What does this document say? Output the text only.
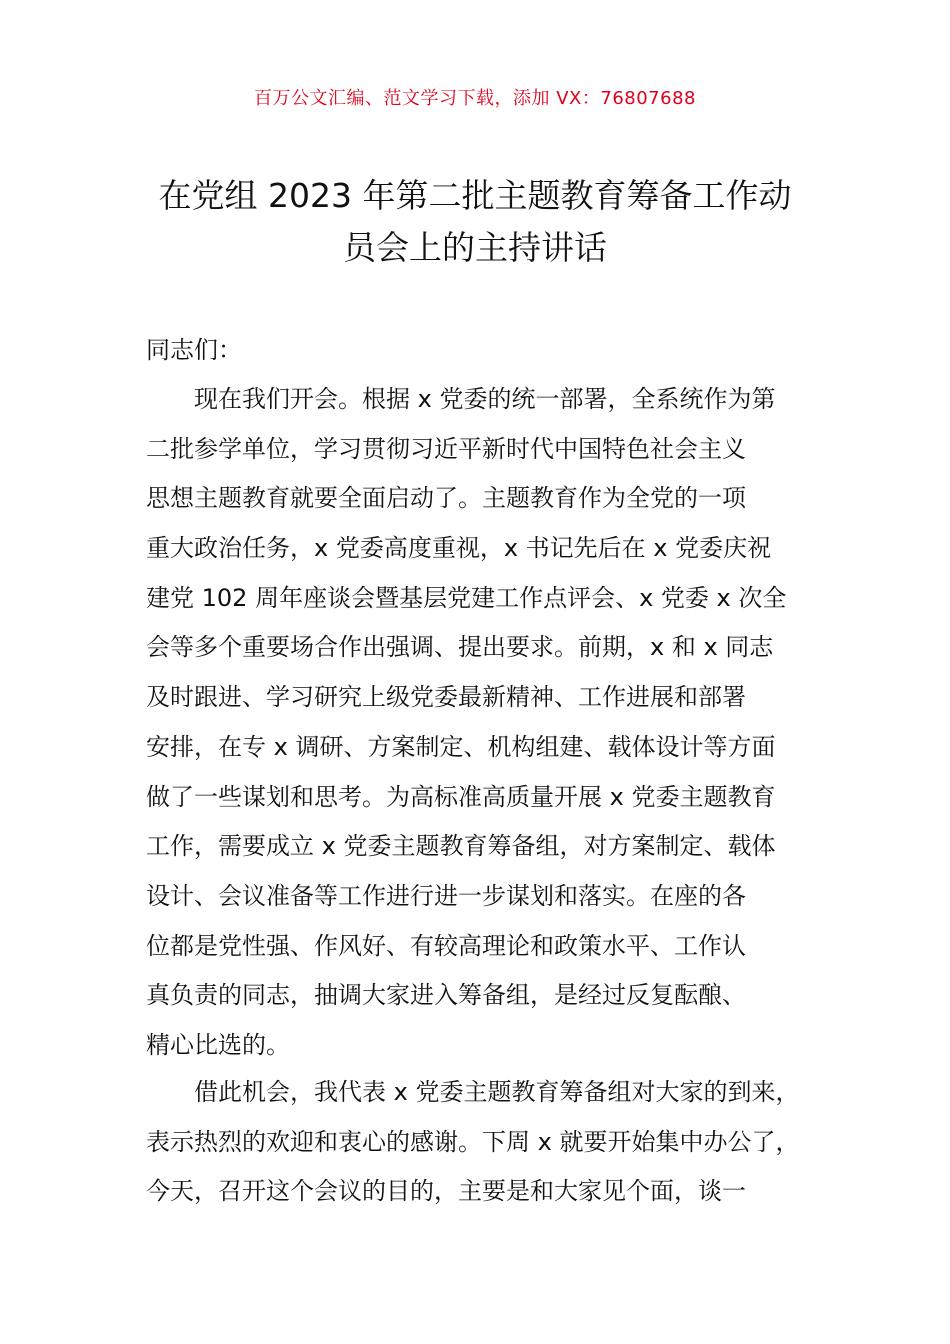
百万公文汇编、范文学习下载，添加 VX：76807688
在党组 2023 年第二批主题教育筹备工作动
员会上的主持讲话
同志们：
现在我们开会。根据 x 党委的统一部署，全系统作为第
二批参学单位，学习贯彻习近平新时代中国特色社会主义
思想主题教育就要全面启动了。主题教育作为全党的一项
重大政治任务，x 党委高度重视，x 书记先后在 x 党委庆祝
建党 102 周年座谈会暨基层党建工作点评会、x 党委 x 次全
会等多个重要场合作出强调、提出要求。前期，x 和 x 同志
及时跟进、学习研究上级党委最新精神、工作进展和部署
安排，在专 x 调研、方案制定、机构组建、载体设计等方面
做了一些谋划和思考。为高标准高质量开展 x 党委主题教育
工作，需要成立 x 党委主题教育筹备组，对方案制定、载体
设计、会议准备等工作进行进一步谋划和落实。在座的各
位都是党性强、作风好、有较高理论和政策水平、工作认
真负责的同志，抽调大家进入筹备组，是经过反复酝酿、
精心比选的。
借此机会，我代表 x 党委主题教育筹备组对大家的到来，
表示热烈的欢迎和衷心的感谢。下周 x 就要开始集中办公了，
今天，召开这个会议的目的，主要是和大家见个面，谈一
